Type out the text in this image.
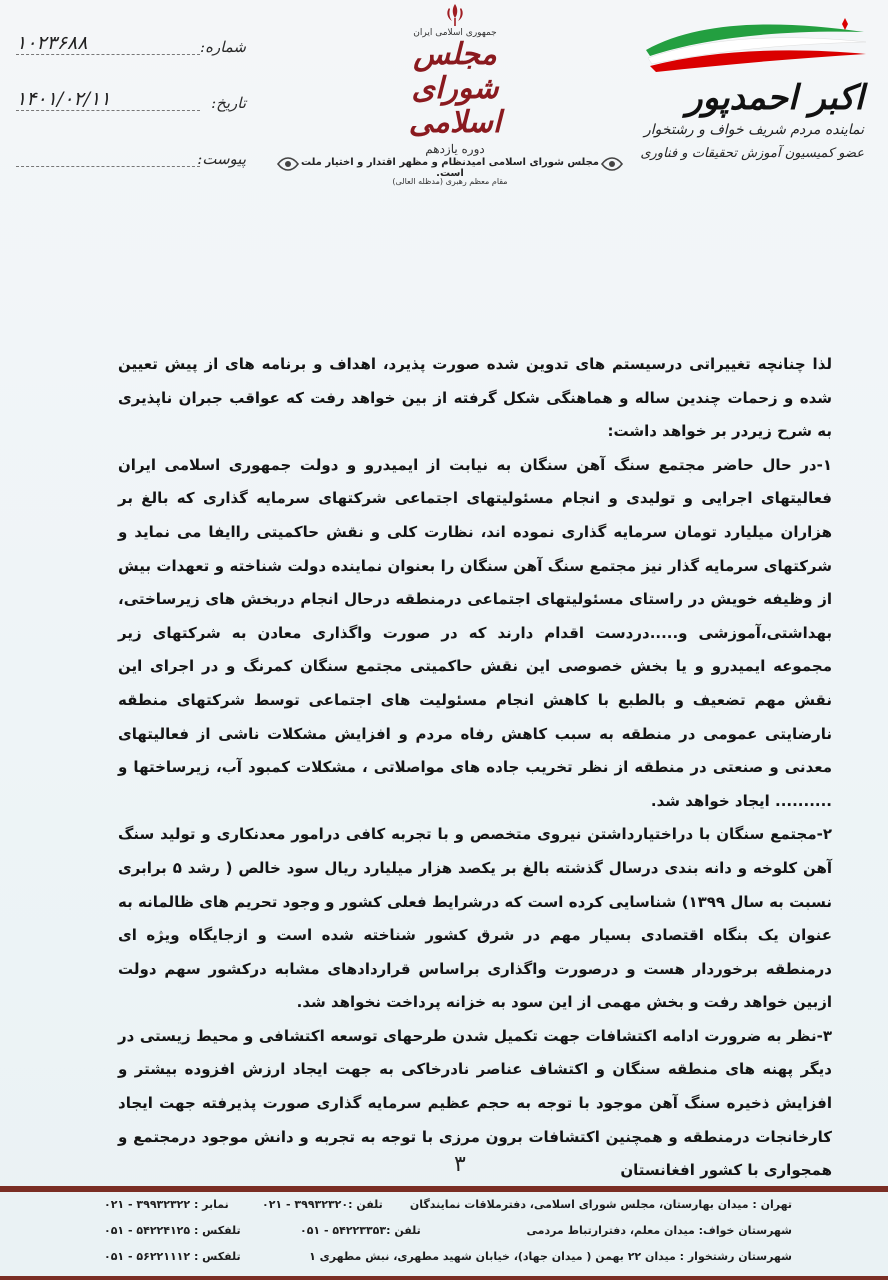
شماره:
۱۰۲۳۶۸۸
تاریخ:
۱۴۰۱/۰۲/۱۱
پیوست:
جمهوری اسلامی ایران
مجلس شورای اسلامی
دوره یازدهم
مجلس شورای اسلامی امیدنظام و مظهر اقتدار و اختیار ملت است.
مقام معظم رهبری (مدظله العالی)
اکبر احمدپور
نماینده مردم شریف خواف و رشتخوار
عضو کمیسیون آموزش تحقیقات و فناوری

لذا چنانچه تغییراتی درسیستم های تدوین شده صورت پذیرد، اهداف و برنامه های از پیش تعیین شده و زحمات چندین ساله و هماهنگی شکل گرفته از بین خواهد رفت که عواقب جبران ناپذیری به شرح زیردر بر خواهد داشت:

۱-در حال حاضر مجتمع سنگ آهن سنگان به نیابت از ایمیدرو و دولت جمهوری اسلامی ایران فعالیتهای اجرایی و تولیدی و انجام مسئولیتهای اجتماعی شرکتهای سرمایه گذاری که بالغ بر هزاران میلیارد تومان سرمایه گذاری نموده اند، نظارت کلی و نقش حاکمیتی راایفا می نماید و شرکتهای سرمایه گذار نیز مجتمع سنگ آهن سنگان را بعنوان نماینده دولت شناخته و تعهدات بیش از وظیفه خویش در راستای مسئولیتهای اجتماعی درمنطقه درحال انجام دربخش های زیرساختی، بهداشتی،آموزشی و.....دردست اقدام دارند که در صورت واگذاری معادن به شرکتهای زیر مجموعه ایمیدرو و یا بخش خصوصی این نقش حاکمیتی مجتمع سنگان کمرنگ و در اجرای این نقش مهم تضعیف و بالطبع با کاهش انجام مسئولیت های اجتماعی توسط شرکتهای منطقه نارضایتی عمومی در منطقه به سبب کاهش رفاه مردم و افزایش مشکلات ناشی از فعالیتهای معدنی و صنعتی در منطقه از نظر تخریب جاده های مواصلاتی ، مشکلات کمبود آب، زیرساختها و .......... ایجاد خواهد شد.

۲-مجتمع سنگان با دراختیارداشتن نیروی متخصص و با تجربه کافی درامور معدنکاری و تولید سنگ آهن کلوخه و دانه بندی درسال گذشته بالغ بر یکصد هزار میلیارد ریال سود خالص ( رشد ۵ برابری نسبت به سال ۱۳۹۹) شناسایی کرده است که درشرایط فعلی کشور و وجود تحریم های ظالمانه به عنوان یک بنگاه اقتصادی بسیار مهم در شرق کشور شناخته شده است و ازجایگاه ویژه ای درمنطقه برخوردار هست و درصورت واگذاری براساس قراردادهای مشابه درکشور سهم دولت ازبین خواهد رفت و بخش مهمی از این سود به خزانه پرداخت نخواهد شد.

۳-نظر به ضرورت ادامه اکتشافات جهت تکمیل شدن طرحهای توسعه اکتشافی و محیط زیستی در دیگر پهنه های منطقه سنگان و اکتشاف عناصر نادرخاکی به جهت ایجاد ارزش افزوده بیشتر و افزایش ذخیره سنگ آهن موجود با توجه به حجم عظیم سرمایه گذاری صورت پذیرفته جهت ایجاد کارخانجات درمنطقه و همچنین اکتشافات برون مرزی با توجه به تجربه و دانش موجود درمجتمع و همجواری با کشور افغانستان

۳
تهران : میدان بهارستان، مجلس شورای اسلامی، دفترملاقات نمایندگان
تلفن :۳۹۹۳۲۳۲۰ - ۰۲۱
نمابر : ۳۹۹۳۲۳۲۲ - ۰۲۱
شهرستان خواف: میدان معلم، دفترارتباط مردمی
تلفن :۵۴۲۲۳۳۵۳ - ۰۵۱
تلفکس : ۵۴۲۲۴۱۲۵ - ۰۵۱
شهرستان رشتخوار : میدان ۲۲ بهمن ( میدان جهاد)، خیابان شهید مطهری، نبش مطهری ۱
تلفکس : ۵۶۲۲۱۱۱۲ - ۰۵۱
